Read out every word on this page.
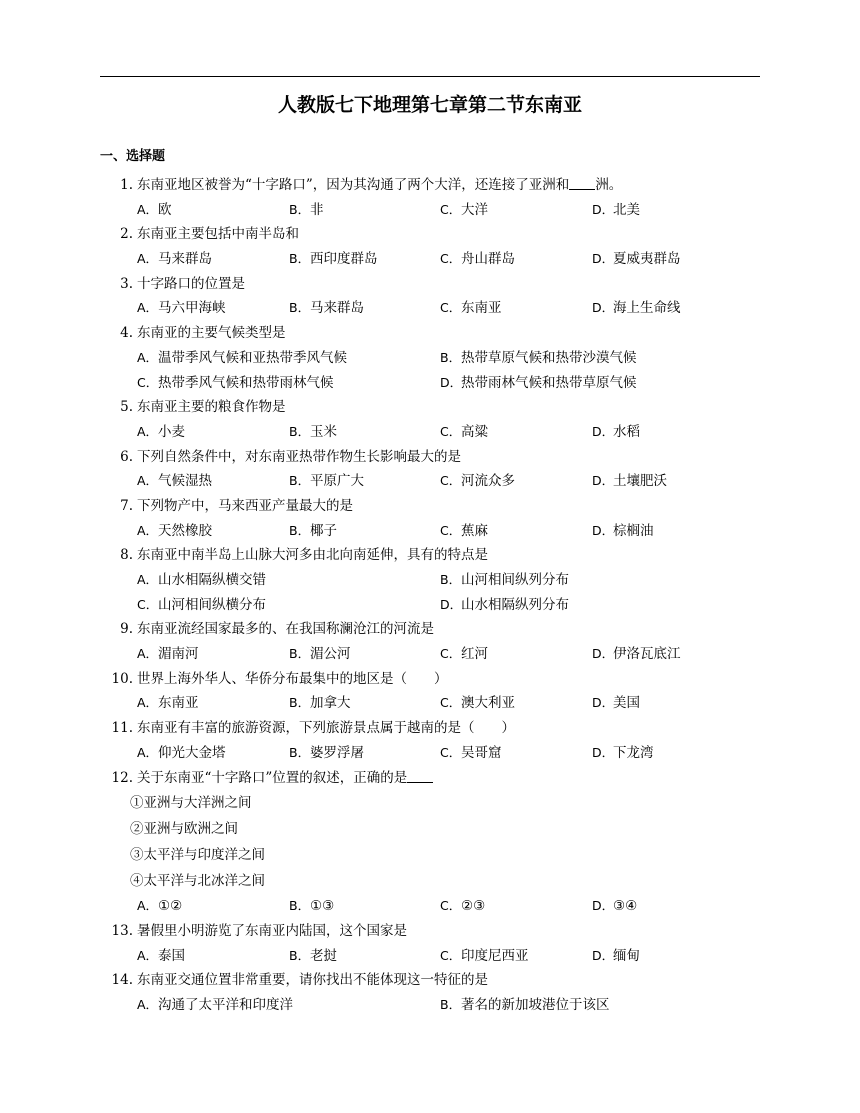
人教版七下地理第七章第二节东南亚
一、选择题
1. 东南亚地区被誉为“十字路口”，因为其沟通了两个大洋，还连接了亚洲和 洲。
A．欧	B．非	C．大洋	D．北美
2. 东南亚主要包括中南半岛和
A．马来群岛	B．西印度群岛	C．舟山群岛	D．夏威夷群岛
3. 十字路口的位置是
A．马六甲海峡	B．马来群岛	C．东南亚	D．海上生命线
4. 东南亚的主要气候类型是
A．温带季风气候和亚热带季风气候	B．热带草原气候和热带沙漠气候
C．热带季风气候和热带雨林气候	D．热带雨林气候和热带草原气候
5. 东南亚主要的粮食作物是
A．小麦	B．玉米	C．高粱	D．水稻
6. 下列自然条件中，对东南亚热带作物生长影响最大的是
A．气候湿热	B．平原广大	C．河流众多	D．土壤肥沃
7. 下列物产中，马来西亚产量最大的是
A．天然橡胶	B．椰子	C．蕉麻	D．棕榈油
8. 东南亚中南半岛上山脉大河多由北向南延伸，具有的特点是
A．山水相隔纵横交错	B．山河相间纵列分布
C．山河相间纵横分布	D．山水相隔纵列分布
9. 东南亚流经国家最多的、在我国称澜沧江的河流是
A．湄南河	B．湄公河	C．红河	D．伊洛瓦底江
10. 世界上海外华人、华侨分布最集中的地区是（　　）
A．东南亚	B．加拿大	C．澳大利亚	D．美国
11. 东南亚有丰富的旅游资源，下列旅游景点属于越南的是（　　）
A．仰光大金塔	B．婆罗浮屠	C．吴哥窟	D．下龙湾
12. 关于东南亚“十字路口”位置的叙述，正确的是
①亚洲与大洋洲之间
②亚洲与欧洲之间
③太平洋与印度洋之间
④太平洋与北冰洋之间
A．①②	B．①③	C．②③	D．③④
13. 暑假里小明游览了东南亚内陆国，这个国家是
A．泰国	B．老挝	C．印度尼西亚	D．缅甸
14. 东南亚交通位置非常重要，请你找出不能体现这一特征的是
A．沟通了太平洋和印度洋	B．著名的新加坡港位于该区
